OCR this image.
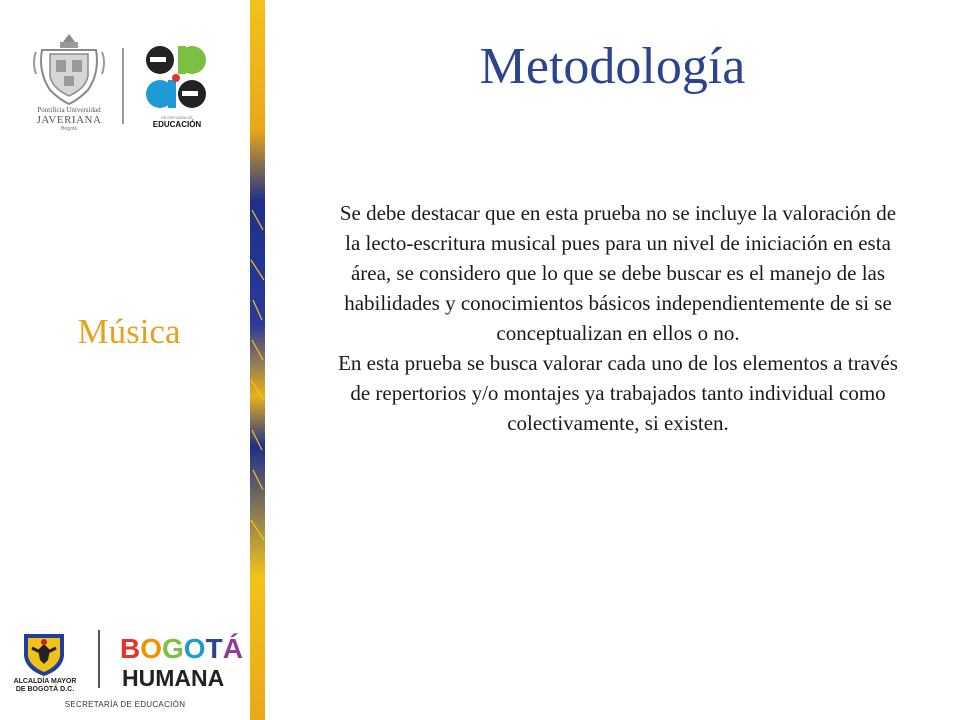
Pontificia Universidad
JAVERIANA
Bogotá
SECRETARÍA DE
EDUCACIÓN
Música
ALCALDÍA MAYOR
DE BOGOTÁ D.C.
BOGOTÁ
HUMANA
SECRETARÍA DE EDUCACIÓN
Metodología

Se debe destacar que en esta prueba no se incluye la valoración de la lecto-escritura musical pues para un nivel de iniciación en esta área, se considero que lo que se debe buscar es el manejo de las habilidades y conocimientos básicos independientemente de si se conceptualizan en ellos o no.

En esta prueba se busca valorar cada uno de los elementos a través de repertorios y/o montajes ya trabajados tanto individual como colectivamente, si existen.
